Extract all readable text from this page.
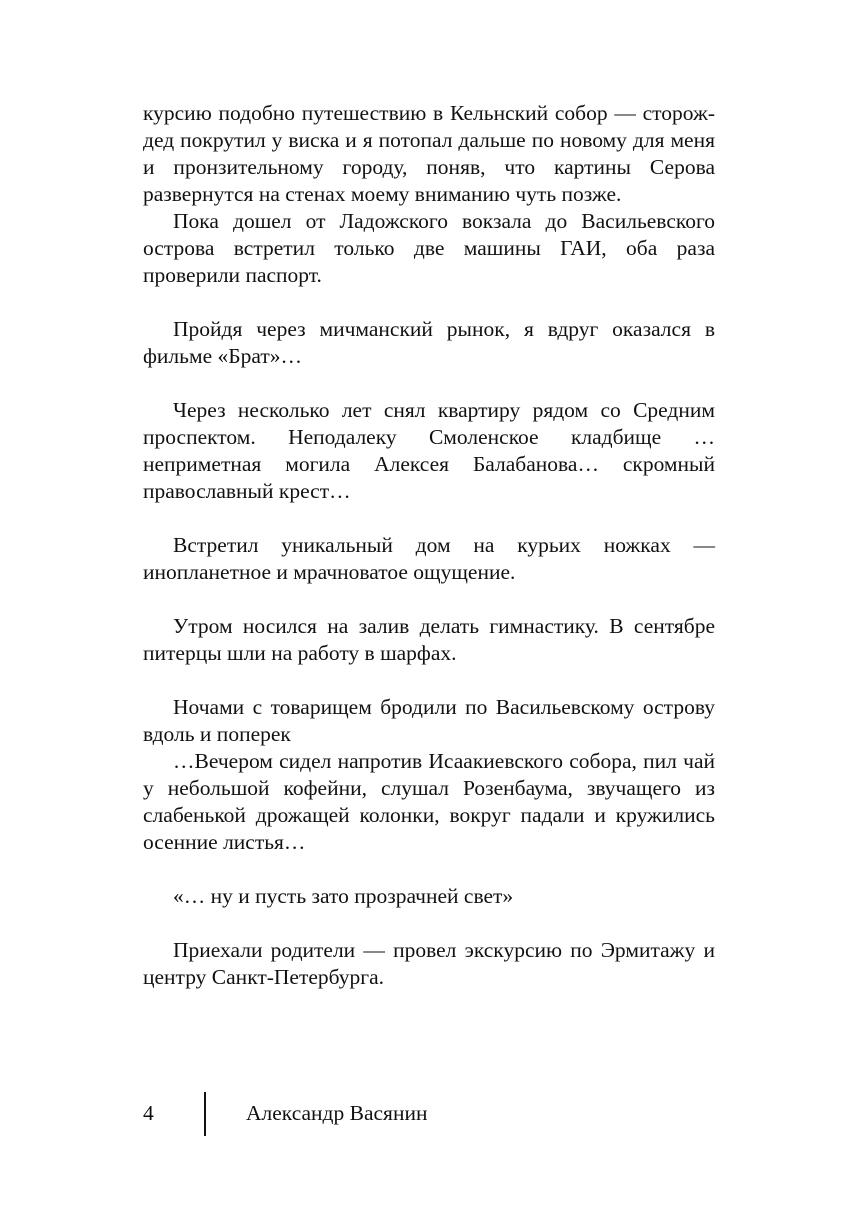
курсию подобно путешествию в Кельнский собор — сторож-дед покрутил у виска и я потопал дальше по новому для меня и пронзительному городу, поняв, что картины Серова развернутся на стенах моему вниманию чуть позже.

Пока дошел от Ладожского вокзала до Васильевского острова встретил только две машины ГАИ, оба раза проверили паспорт.

Пройдя через мичманский рынок, я вдруг оказался в фильме «Брат»…

Через несколько лет снял квартиру рядом со Средним проспектом. Неподалеку Смоленское кладбище …неприметная могила Алексея Балабанова… скромный православный крест…

Встретил уникальный дом на курьих ножках — инопланетное и мрачноватое ощущение.

Утром носился на залив делать гимнастику. В сентябре питерцы шли на работу в шарфах.

Ночами с товарищем бродили по Васильевскому острову вдоль и поперек

…Вечером сидел напротив Исаакиевского собора, пил чай у небольшой кофейни, слушал Розенбаума, звучащего из слабенькой дрожащей колонки, вокруг падали и кружились осенние листья…

«… ну и пусть зато прозрачней свет»

Приехали родители — провел экскурсию по Эрмитажу и центру Санкт-Петербурга.

4	Александр Васянин
